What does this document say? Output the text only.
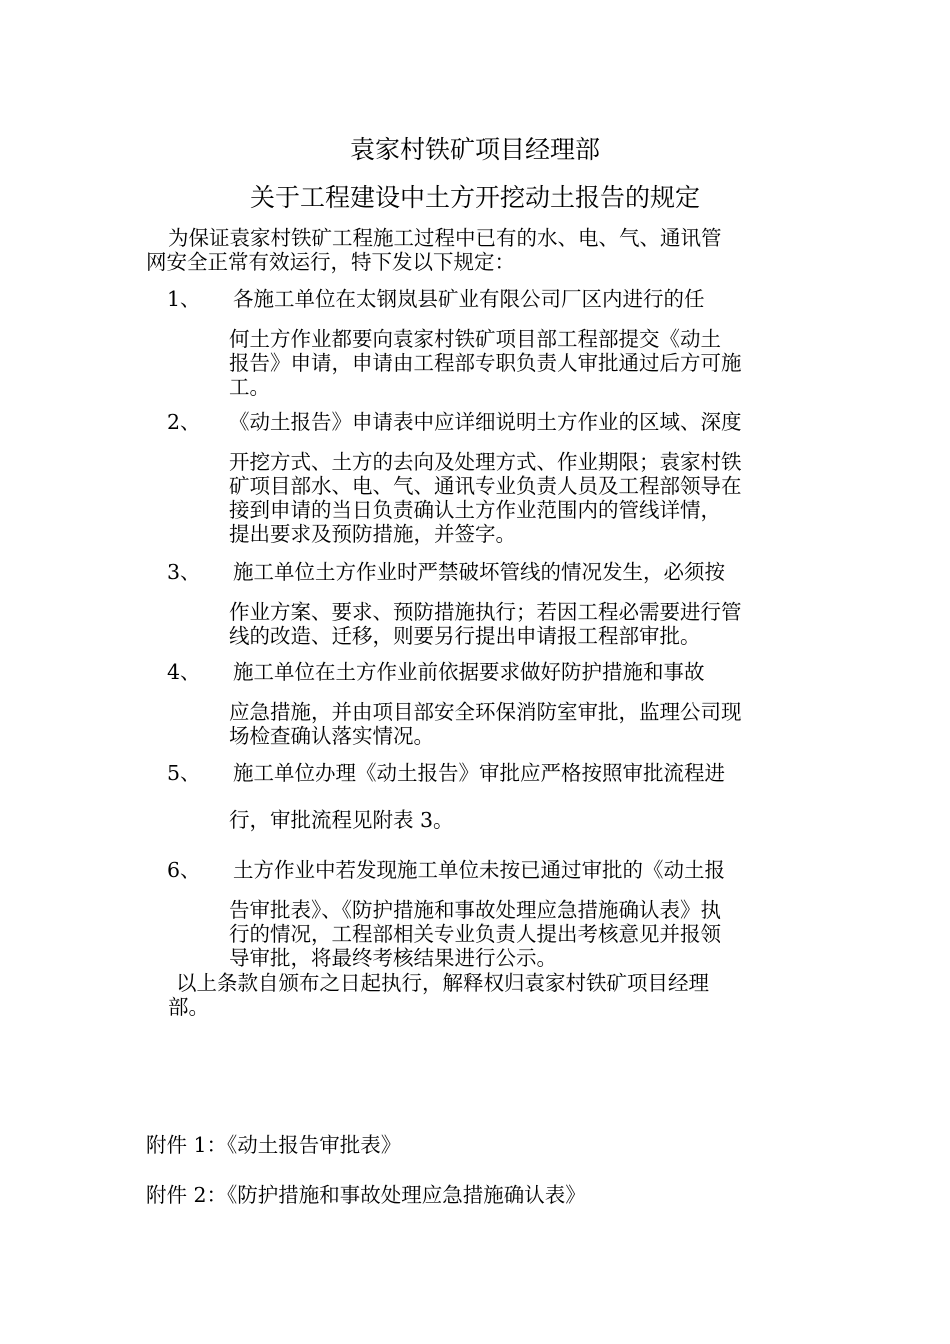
袁家村铁矿项目经理部
关于工程建设中土方开挖动土报告的规定
为保证袁家村铁矿工程施工过程中已有的水、电、气、通讯管
网安全正常有效运行，特下发以下规定：
1、 各施工单位在太钢岚县矿业有限公司厂区内进行的任
何土方作业都要向袁家村铁矿项目部工程部提交《动土
报告》申请，申请由工程部专职负责人审批通过后方可施
工。
2、 《动土报告》申请表中应详细说明土方作业的区域、深度
开挖方式、土方的去向及处理方式、作业期限；袁家村铁
矿项目部水、电、气、通讯专业负责人员及工程部领导在
接到申请的当日负责确认土方作业范围内的管线详情，
提出要求及预防措施，并签字。
3、 施工单位土方作业时严禁破坏管线的情况发生，必须按
作业方案、要求、预防措施执行；若因工程必需要进行管
线的改造、迁移，则要另行提出申请报工程部审批。
4、 施工单位在土方作业前依据要求做好防护措施和事故
应急措施，并由项目部安全环保消防室审批，监理公司现
场检查确认落实情况。
5、 施工单位办理《动土报告》审批应严格按照审批流程进
行，审批流程见附表 3。
6、 土方作业中若发现施工单位未按已通过审批的《动土报
告审批表》、《防护措施和事故处理应急措施确认表》执
行的情况，工程部相关专业负责人提出考核意见并报领
导审批，将最终考核结果进行公示。
以上条款自颁布之日起执行，解释权归袁家村铁矿项目经理
部。
附件 1：《动土报告审批表》
附件 2：《防护措施和事故处理应急措施确认表》
